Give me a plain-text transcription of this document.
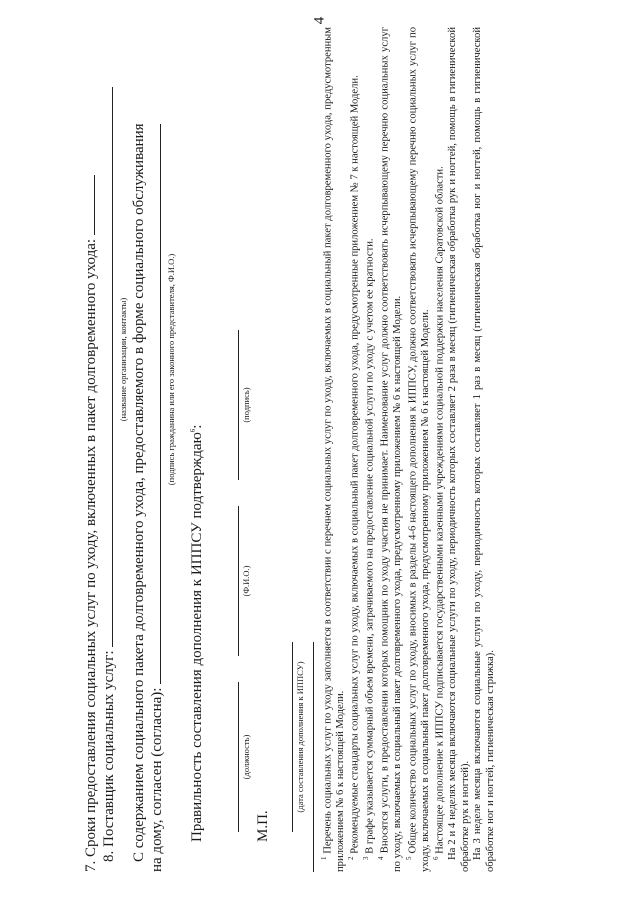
4
7. Сроки предоставления социальных услуг по уходу, включенных в пакет долговременного ухода: 8. Поставщик социальных услуг:
(название организации, контакты) С содержанием социального пакета долговременного ухода, предоставляемого в форме социального обслуживания на дому, согласен (согласна):
(подпись гражданина или его законного представителя, Ф.И.О.)
Правильность составления дополнения к ИППСУ подтверждаю$^6$:
(должность)
(Ф.И.О.)
(подпись)
М.П.
(дата составления дополнения к ИППСУ)
$^1$ Перечень социальных услуг по уходу заполняется в соответствии с перечнем социальных услуг по уходу, включаемых в социальный пакет долговременного ухода, предусмотренным приложением № 6 к настоящей Модели. $^2$ Рекомендуемые стандарты социальных услуг по уходу, включаемых в социальный пакет долговременного ухода, предусмотренные приложением № 7 к настоящей Модели.
$^3$ В графе указывается суммарный объем времени, затрачиваемого на предоставление социальной услуги по уходу с учетом ее кратности.
$^4$ Вносятся услуги, в предоставлении которых помощник по уходу участия не принимает. Наименование услуг должно соответствовать исчерпывающему перечню социальных услуг по уходу, включаемых в социальный пакет долговременного ухода, предусмотренному приложением № 6 к настоящей Модели. $^5$ Общее количество социальных услуг по уходу, вносимых в разделы 4-6 настоящего дополнения к ИППСУ, должно соответствовать исчерпывающему перечню социальных услуг по уходу, включаемых в социальный пакет долговременного ухода, предусмотренному приложением № 6 к настоящей Модели. $^6$ Настоящее дополнение к ИППСУ подписывается государственными казенными учреждениями социальной поддержки населения Саратовской области. На 2 и 4 неделях месяца включаются социальные услуги по уходу, периодичность которых составляет 2 раза в месяц (гигиеническая обработка рук и ногтей, помощь в гигиенической обработке рук и ногтей). На 3 неделе месяца включаются социальные услуги по уходу, периодичность которых составляет 1 раз в месяц (гигиеническая обработка ног и ногтей, помощь в гигиенической обработке ног и ногтей, гигиеническая стрижка).
